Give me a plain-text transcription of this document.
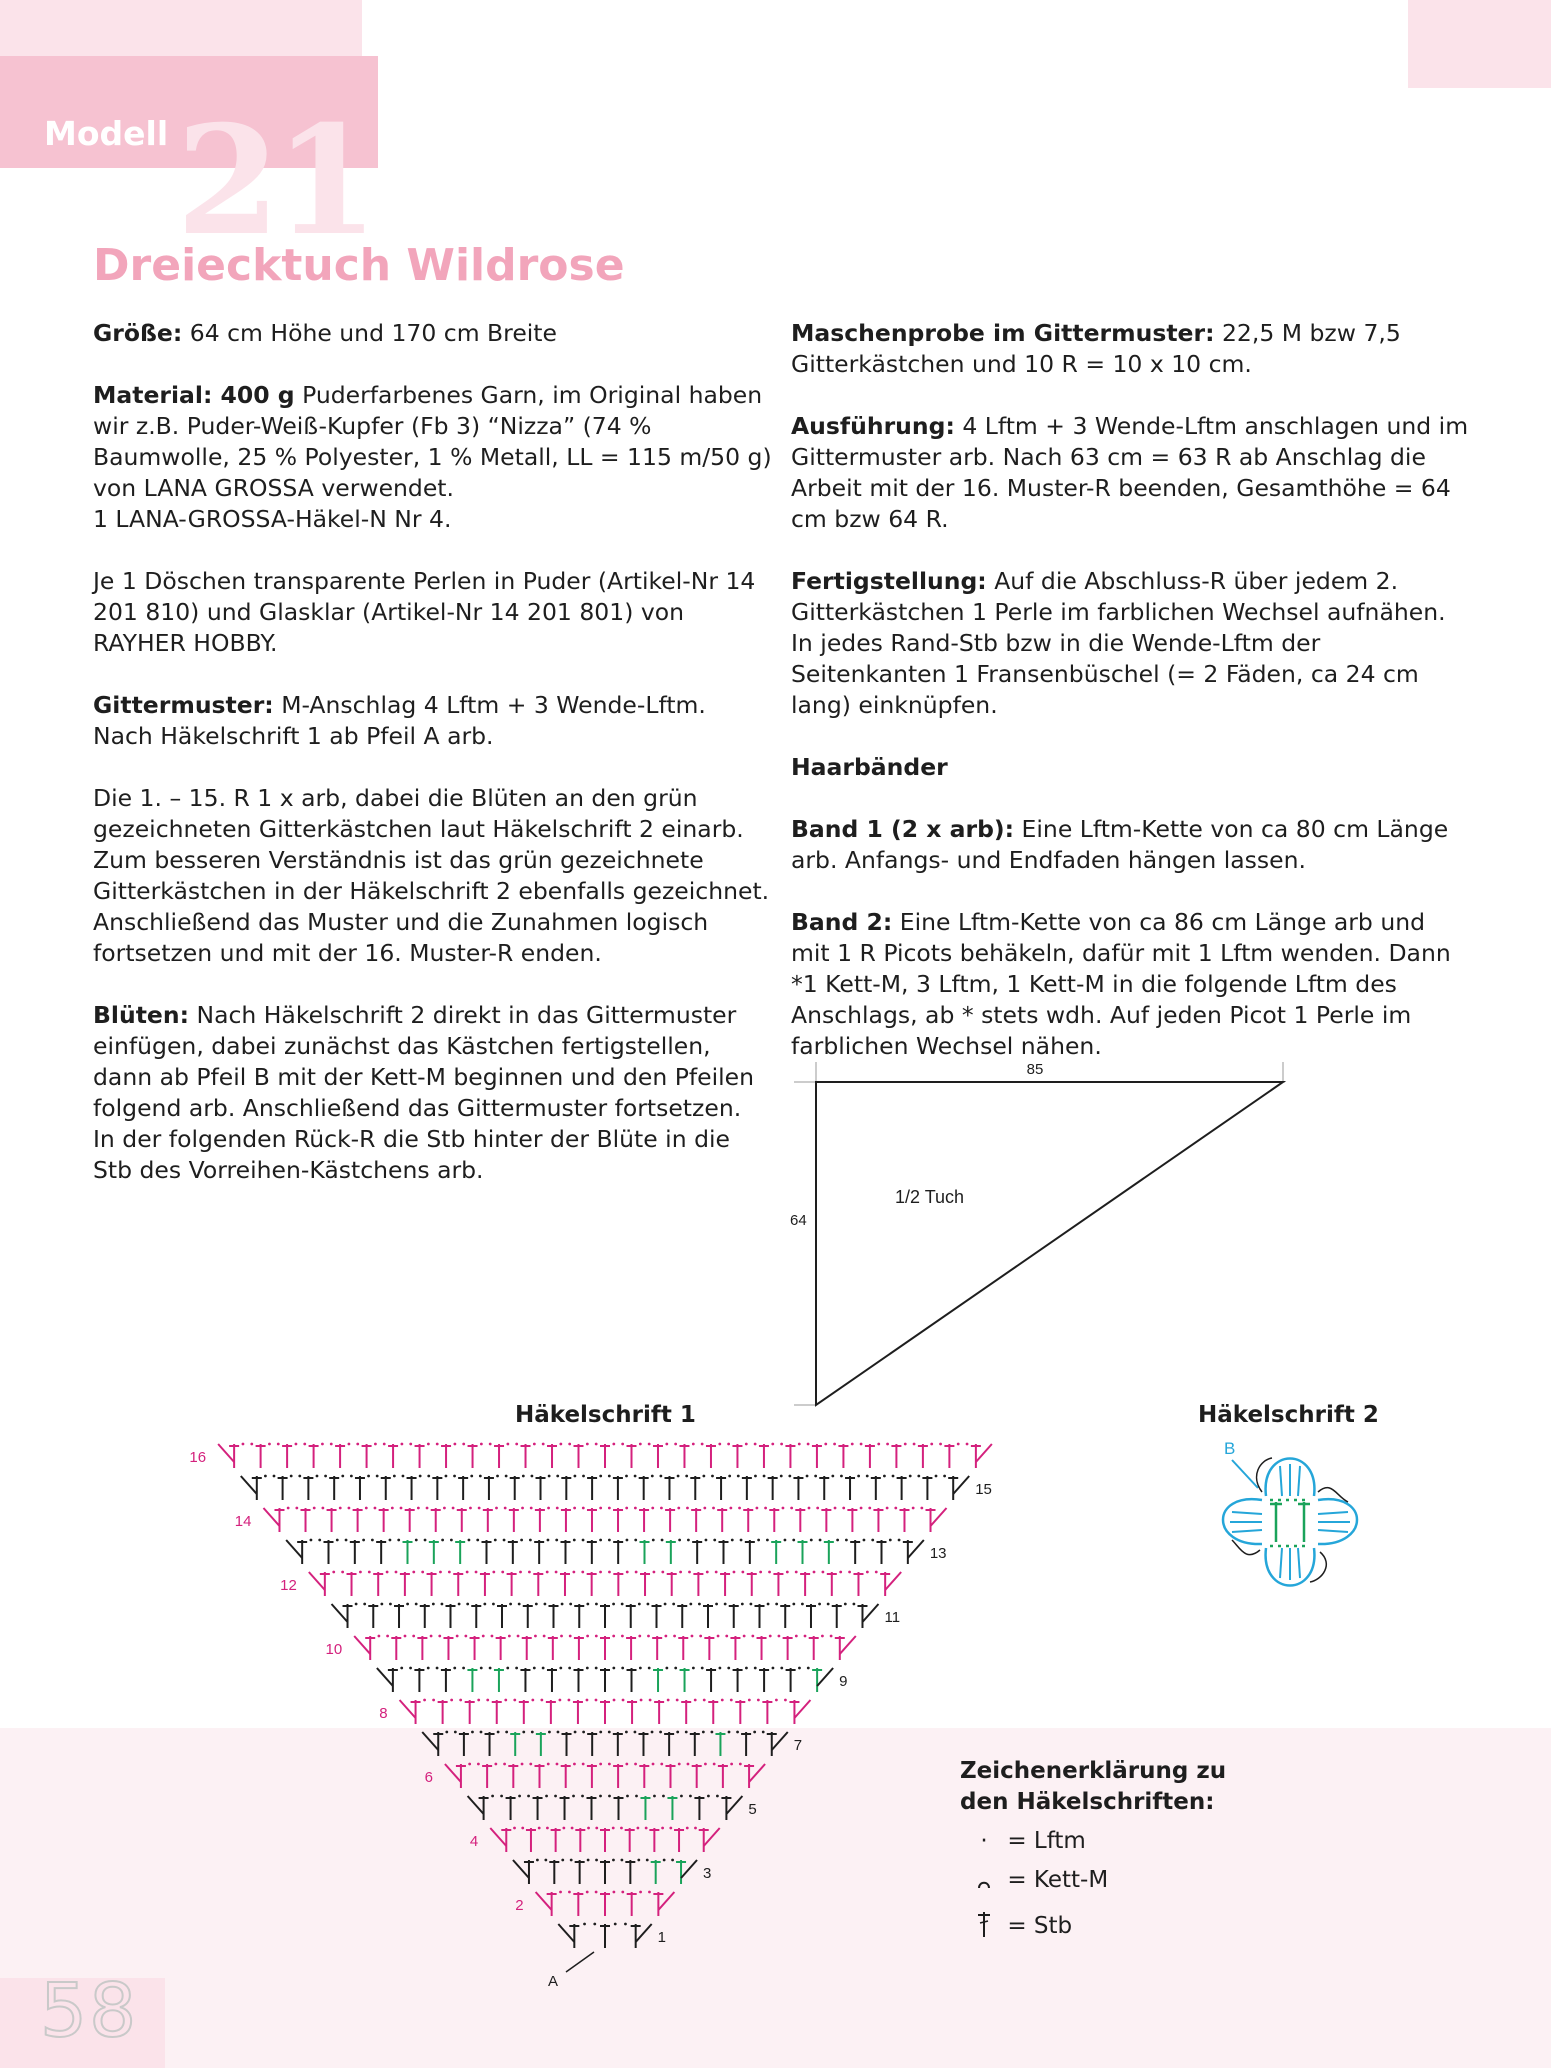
21
Modell
Dreiecktuch Wildrose

Größe: 64 cm Höhe und 170 cm Breite

Material: 400 g Puderfarbenes Garn, im Original haben wir z.B. Puder-Weiß-Kupfer (Fb 3) “Nizza” (74 % Baumwolle, 25 % Polyester, 1 % Metall, LL = 115 m/50 g) von LANA GROSSA verwendet.
1 LANA-GROSSA-Häkel-N Nr 4.

Je 1 Döschen transparente Perlen in Puder (Artikel-Nr 14 201 810) und Glasklar (Artikel-Nr 14 201 801) von RAYHER HOBBY.

Gittermuster: M-Anschlag 4 Lftm + 3 Wende-Lftm.
Nach Häkelschrift 1 ab Pfeil A arb.

Die 1. – 15. R 1 x arb, dabei die Blüten an den grün gezeichneten Gitterkästchen laut Häkelschrift 2 einarb. Zum besseren Verständnis ist das grün gezeichnete Gitterkästchen in der Häkelschrift 2 ebenfalls gezeichnet. Anschließend das Muster und die Zunahmen logisch fortsetzen und mit der 16. Muster-R enden.

Blüten: Nach Häkelschrift 2 direkt in das Gittermuster einfügen, dabei zunächst das Kästchen fertigstellen, dann ab Pfeil B mit der Kett-M beginnen und den Pfeilen folgend arb. Anschließend das Gittermuster fortsetzen.
In der folgenden Rück-R die Stb hinter der Blüte in die Stb des Vorreihen-Kästchens arb.

Maschenprobe im Gittermuster: 22,5 M bzw 7,5 Gitterkästchen und 10 R = 10 x 10 cm.

Ausführung: 4 Lftm + 3 Wende-Lftm anschlagen und im Gittermuster arb. Nach 63 cm = 63 R ab Anschlag die Arbeit mit der 16. Muster-R beenden, Gesamthöhe = 64 cm bzw 64 R.

Fertigstellung: Auf die Abschluss-R über jedem 2. Gitterkästchen 1 Perle im farblichen Wechsel aufnähen.
In jedes Rand-Stb bzw in die Wende-Lftm der Seitenkanten 1 Fransenbüschel (= 2 Fäden, ca 24 cm lang) einknüpfen.

Haarbänder

Band 1 (2 x arb): Eine Lftm-Kette von ca 80 cm Länge arb. Anfangs- und Endfaden hängen lassen.

Band 2: Eine Lftm-Kette von ca 86 cm Länge arb und mit 1 R Picots behäkeln, dafür mit 1 Lftm wenden. Dann *1 Kett-M, 3 Lftm, 1 Kett-M in die folgende Lftm des Anschlags, ab * stets wdh. Auf jeden Picot 1 Perle im farblichen Wechsel nähen.

85
64
1/2 Tuch
58
Häkelschrift 1	Häkelschrift 2
1
2
3
4
5
6
7
8
9
10
11
12
13
14
15
16
A
B
Zeichenerklärung zu
den Häkelschriften:
· = Lftm
= Kett-M
= Stb
